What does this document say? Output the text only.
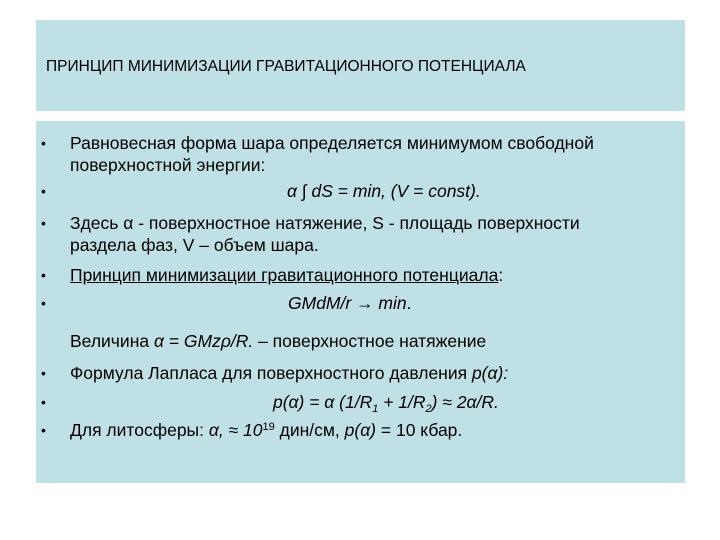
ПРИНЦИП МИНИМИЗАЦИИ ГРАВИТАЦИОННОГО ПОТЕНЦИАЛА
• Равновесная форма шара определяется минимумом свободной
поверхностной энергии:
•	α ∫ dS = min, (V = const).
• Здесь α - поверхностное натяжение, S - площадь поверхности
раздела фаз, V – объем шара.
• Принцип минимизации гравитационного потенциала:
•	GMdM/r → min.
Величина α = GMzρ/R. – поверхностное натяжение
• Формула Лапласа для поверхностного давления p(α):
•	p(α) = α $(1/R_1 + 1/R_2) \approx 2\alpha/R$.
• Для литосферы: α, ≈ $10^{19}$ дин/см, p(α) = 10 кбар.
